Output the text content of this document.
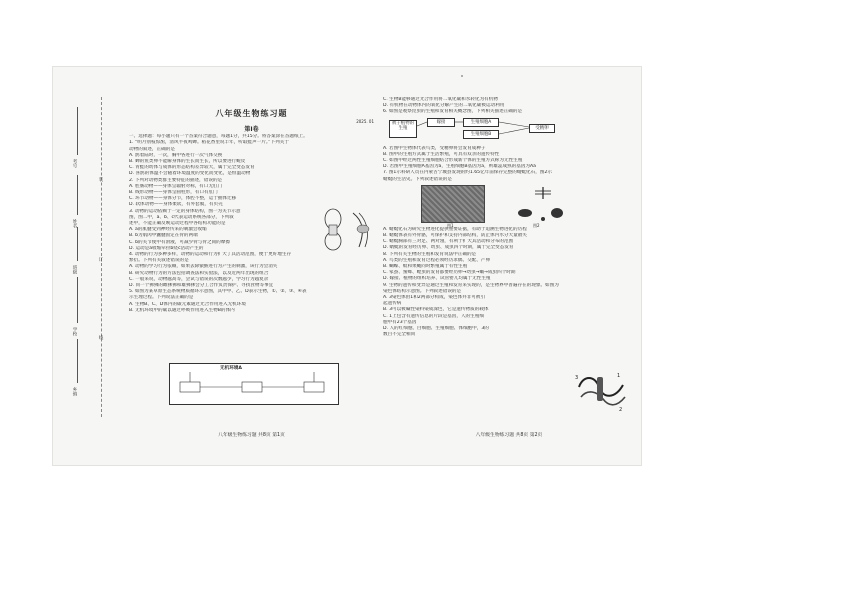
考号
姓名
班级
学校
乡镇
装
订
线
八年级生物练习题
2025. 01
第Ⅰ卷
一、选择题：每小题只有一个答案符合题意，每题1分，共15分。将答案涂在答题纸上。
1. “明月别枝惊鹊，清风半夜鸣蝉。稻花香里说丰年，听取蛙声一片。”下列关于
动物的叙述，正确的是
A. 鹊着陆时，一次，胸中各进行一次气体交换
B. 蝉的鱼类卵不能解身体的生长而生长，所以要进行蜕皮
C. 青蛙的幼体与成体的形态结构差异较大，属于完全变态发育
D. 喜鹊的体温不会随着环境温度的变化而变化，是恒温动物
2. 下列对动物类群主要特征的描述，错误的是
A. 腔肠动物——身体呈辐射对称，有口无肛门
B. 线形动物——身体呈圆柱形，有口有肛门
C. 环节动物——身体分节，体腔不整，运于抽体迁移
D. 软体动物——身体柔软，有外套膜，有贝壳
3. 动物的运动依赖于一定的身体结构，图一为关节示意
图，图二中，a、b、c代表运动系统各部分，下列叙
述中，不能正确反映运动过程中各结构功能的是
A. a的肌腱受到神经传来的刺激会收缩
B. b为肌肉中囊腱固定在骨的两端
C. b的关节使中有滑液，可减少骨与骨之间的摩擦
D. 运动是a收缩牵拉b绕c活动产生的
4. 动物的行为多种多样，动物的运动和行为扩大了其活动范围，便于更好地生存
繁衍。下列有关叙述错误的是
A. 动物的学习行为依赖，如果去除猿猴进行为产生的刺激，该行为会消失
B. 研究动物行为的方法包括调查法和实验法，以及近两年出现的组合
C. 一般来说，动物越高等，尝试与错误的次数越少，学习行为越复杂
D. 同一个狒狒的雌狒狒和雄狒狒会分工合作负责保护、寻找食物等事宜
5. 如图为某草原生态系统物质循环示意图，其中甲、乙、D表示生物，①、②、③、④表
示生理过程。下列说法正确的是
A. 生物B、C、D体内的碳元素通过光合作用进入无机环境
B. 无机环境中的碳以通过呼吸作用进入生物B的体内
无机环境A
八年级生物练习题 共8页 第1页
C. 生物B能够通过光合作用将二氧化碳和水转化为有机物
D. 有机物在动物体内的氧化分解产生的二氧化碳被运动利用
6. 如图是观察昆虫的生殖和发育相关概念图，下列相关描述正确的是
被子植物的生殖
嫁接	生殖细胞A
生殖细胞B
受精卵
A. 若图中生物体代表鸟类，受精卵将会发育成种子
B. 图中的生殖方式属于生活繁殖，可具有双亲的遗传特性
C. 如图中经过两性生殖细胞结合形成新个体的生殖方式称为无性生殖
D. 若图中生殖细胞A基因为a，生殖细胞B基因为a，则雄蕊成熟的基因为Aa
7. 图1示科研人员在内蒙古宁城县发现的约1.65亿年前保存完整的蜻蜓化石，图2示
蜻蜓的生活史。下列叙述错误的是
图1	图2
A. 蜻蜓化石为研究生物进化提供重要证据，有助于追溯生物进化的历程
B. 蜻蜓体表有外骨骼，可保护和支持内部结构，防止体内水分大量散失
C. 蜻蜓胸部有三对足、两对翅，有利于扩大其活动和分布的范围
D. 蜻蜓的发育经历卵、幼虫、成虫四个时期，属于完全变态发育
8. 下列有关生物的生殖和发育说法中正确的是
A. 鸟类的生殖和发育过程必须经历求偶、交配、产卵
B. 蝴蝶、蚊和果蝇同时繁殖属于有性生殖
C. 家蚕、蜜蜂、蝗虫的发育都要经历卵→幼虫→蛹→成虫四个时期
D. 嫁接、植物的组织培养、试管婴儿均属于无性生殖
9. 生物的遗传和变异是通过生殖和发育来实现的，是生物界中普遍存在的现象。如图为
染色体结构示意图。下列叙述错误的是
A. 3染色体由1和2两部分构成，染色体并非可被引
起遗传病
B. 3可以被碱性染料染成深色，它是遗传物质的载体
C. 1上包含有遗传信息的片段是基因，人的生殖细
胞中有23个基因
D. 人的红细胞、白细胞、生殖细胞、体细胞中，3的
数目不完全相同
3	1
2
八年级生物练习题 共8页 第2页
